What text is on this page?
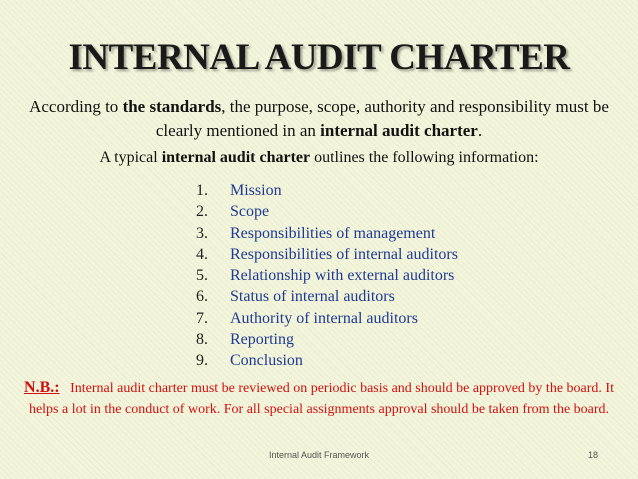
INTERNAL AUDIT CHARTER
According to the standards, the purpose, scope, authority and responsibility must be clearly mentioned in an internal audit charter.
A typical internal audit charter outlines the following information:
1.	Mission
2.	Scope
3.	Responsibilities of management
4.	Responsibilities of internal auditors
5.	Relationship with external auditors
6.	Status of internal auditors
7.	Authority of internal auditors
8.	Reporting
9.	Conclusion
N.B.: Internal audit charter must be reviewed on periodic basis and should be approved by the board. It helps a lot in the conduct of work. For all special assignments approval should be taken from the board.
Internal Audit Framework	18
